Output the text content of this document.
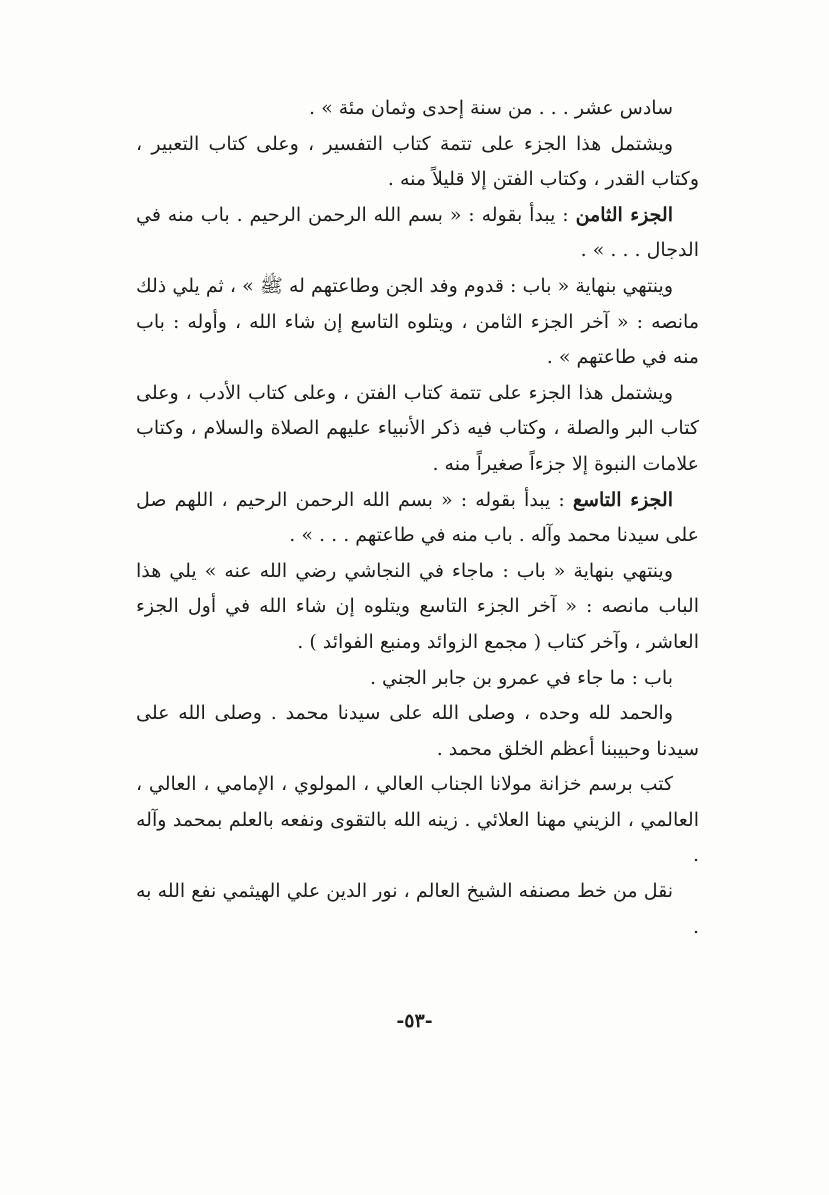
سادس عشر . . . من سنة إحدى وثمان مئة » .

ويشتمل هذا الجزء على تتمة كتاب التفسير ، وعلى كتاب التعبير ، وكتاب القدر ، وكتاب الفتن إلا قليلاً منه .

الجزء الثامن : يبدأ بقوله : « بسم الله الرحمن الرحيم . باب منه في الدجال . . . » .

وينتهي بنهاية « باب : قدوم وفد الجن وطاعتهم له ﷺ » ، ثم يلي ذلك مانصه : « آخر الجزء الثامن ، ويتلوه التاسع إن شاء الله ، وأوله : باب منه في طاعتهم » .

ويشتمل هذا الجزء على تتمة كتاب الفتن ، وعلى كتاب الأدب ، وعلى كتاب البر والصلة ، وكتاب فيه ذكر الأنبياء عليهم الصلاة والسلام ، وكتاب علامات النبوة إلا جزءاً صغيراً منه .

الجزء التاسع : يبدأ بقوله : « بسم الله الرحمن الرحيم ، اللهم صل على سيدنا محمد وآله . باب منه في طاعتهم . . . » .

وينتهي بنهاية « باب : ماجاء في النجاشي رضي الله عنه » يلي هذا الباب مانصه : « آخر الجزء التاسع ويتلوه إن شاء الله في أول الجزء العاشر ، وآخر كتاب ( مجمع الزوائد ومنبع الفوائد ) .

باب : ما جاء في عمرو بن جابر الجني .

والحمد لله وحده ، وصلى الله على سيدنا محمد . وصلى الله على سيدنا وحبيبنا أعظم الخلق محمد .

كتب برسم خزانة مولانا الجناب العالي ، المولوي ، الإمامي ، العالي ، العالمي ، الزيني مهنا العلائي . زينه الله بالتقوى ونفعه بالعلم بمحمد وآله .

نقل من خط مصنفه الشيخ العالم ، نور الدين علي الهيثمي نفع الله به .

-٥٣-
